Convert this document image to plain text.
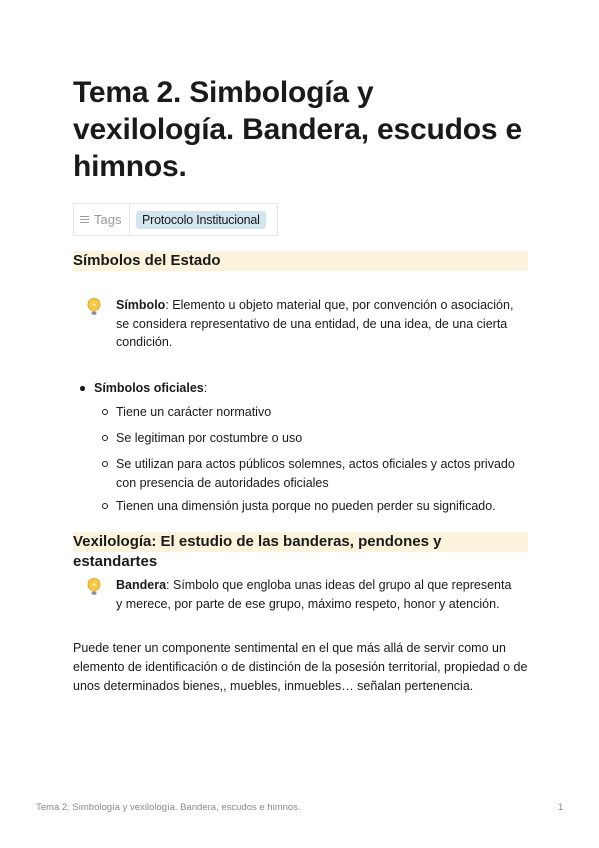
Tema 2. Simbología y vexilología. Bandera, escudos e himnos.
Tags	Protocolo Institucional
Símbolos del Estado
Símbolo: Elemento u objeto material que, por convención o asociación, se considera representativo de una entidad, de una idea, de una cierta condición.
Símbolos oficiales:
Tiene un carácter normativo
Se legitiman por costumbre o uso
Se utilizan para actos públicos solemnes, actos oficiales y actos privado con presencia de autoridades oficiales
Tienen una dimensión justa porque no pueden perder su significado.
Vexilología: El estudio de las banderas, pendones y estandartes
Bandera: Símbolo que engloba unas ideas del grupo al que representa y merece, por parte de ese grupo, máximo respeto, honor y atención.
Puede tener un componente sentimental en el que más allá de servir como un elemento de identificación o de distinción de la posesión territorial, propiedad o de unos determinados bienes,, muebles, inmuebles… señalan pertenencia.
Tema 2. Simbología y vexilología. Bandera, escudos e himnos.	1
